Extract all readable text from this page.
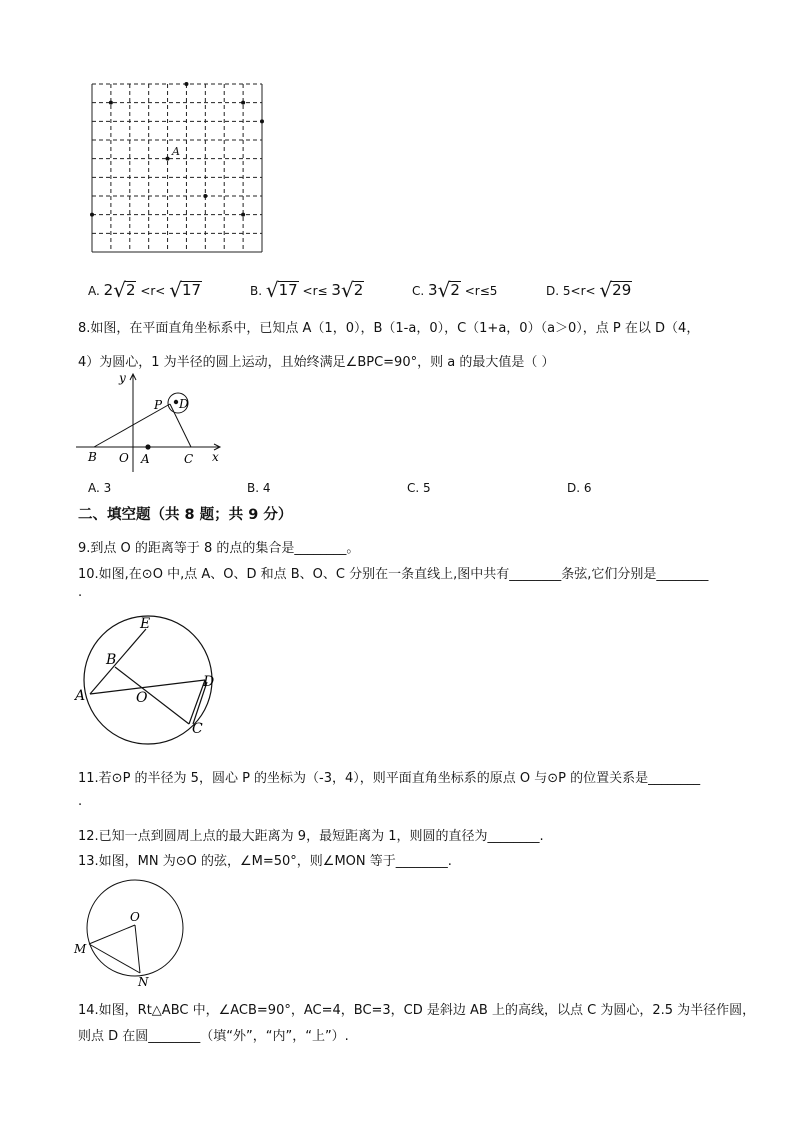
A
A. 2√2 <r< √17	B. √17 <r≤ 3√2	C. 3√2 <r≤5	D. 5<r< √29
8.如图，在平面直角坐标系中，已知点 A（1，0），B（1-a，0），C（1+a，0）（a＞0），点 P 在以 D（4，
4）为圆心，1 为半径的圆上运动，且始终满足∠BPC=90°，则 a 的最大值是（ ）
y
x
P D
B O A	C
A. 3	B. 4	C. 5	D. 6
二、填空题（共 8 题；共 9 分）
9.到点 O 的距离等于 8 的点的集合是________。
10.如图,在⊙O 中,点 A、O、D 和点 B、O、C 分别在一条直线上,图中共有________条弦,它们分别是________
.
E
B
A	O
D
C
11.若⊙P 的半径为 5，圆心 P 的坐标为（-3，4），则平面直角坐标系的原点 O 与⊙P 的位置关系是________
.
12.已知一点到圆周上点的最大距离为 9，最短距离为 1，则圆的直径为________.
13.如图，MN 为⊙O 的弦，∠M=50°，则∠MON 等于________.
O
M
N
14.如图，Rt△ABC 中，∠ACB=90°，AC=4，BC=3，CD 是斜边 AB 上的高线，以点 C 为圆心，2.5 为半径作圆，
则点 D 在圆________（填“外”，“内”，“上”）.
